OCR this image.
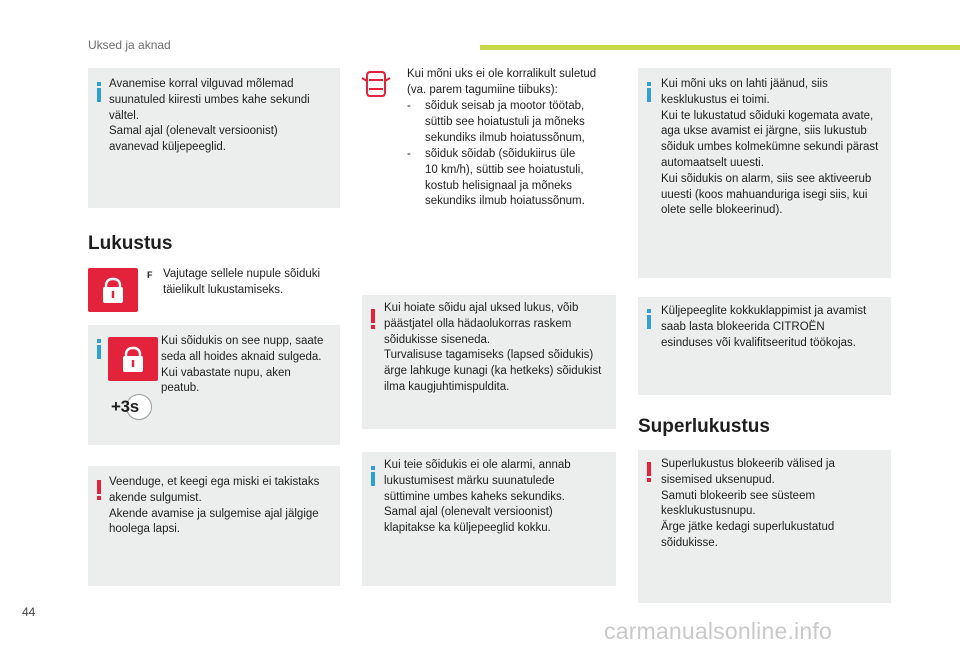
Uksed ja aknad
Avanemise korral vilguvad mõlemad
suunatuled kiiresti umbes kahe sekundi
vältel.
Samal ajal (olenevalt versioonist)
avanevad küljepeeglid.
Lukustus
F Vajutage sellele nupule sõiduki
täielikult lukustamiseks.
+3s
Kui sõidukis on see nupp, saate
seda all hoides aknaid sulgeda.
Kui vabastate nupu, aken
peatub.
Veenduge, et keegi ega miski ei takistaks
akende sulgumist.
Akende avamise ja sulgemise ajal jälgige
hoolega lapsi.
Kui mõni uks ei ole korralikult suletud
(va. parem tagumiine tiibuks):
- sõiduk seisab ja mootor töötab,
süttib see hoiatustuli ja mõneks
sekundiks ilmub hoiatussõnum,
- sõiduk sõidab (sõidukiirus üle
10 km/h), süttib see hoiatustuli,
kostub helisignaal ja mõneks
sekundiks ilmub hoiatussõnum.
Kui hoiate sõidu ajal uksed lukus, võib
päästjatel olla hädaolukorras raskem
sõidukisse siseneda.
Turvalisuse tagamiseks (lapsed sõidukis)
ärge lahkuge kunagi (ka hetkeks) sõidukist
ilma kaugjuhtimispuldita.
Kui teie sõidukis ei ole alarmi, annab
lukustumisest märku suunatulede
süttimine umbes kaheks sekundiks.
Samal ajal (olenevalt versioonist)
klapitakse ka küljepeeglid kokku.
Kui mõni uks on lahti jäänud, siis
kesklukustus ei toimi.
Kui te lukustatud sõiduki kogemata avate,
aga ukse avamist ei järgne, siis lukustub
sõiduk umbes kolmekümne sekundi pärast
automaatselt uuesti.
Kui sõidukis on alarm, siis see aktiveerub
uuesti (koos mahuanduriga isegi siis, kui
olete selle blokeerinud).
Küljepeeglite kokkuklappimist ja avamist
saab lasta blokeerida CITROËN
esinduses või kvalifitseeritud töökojas.
Superlukustus
Superlukustus blokeerib välised ja
sisemised uksenupud.
Samuti blokeerib see süsteem
kesklukustusnupu.
Ärge jätke kedagi superlukustatud
sõidukisse.
44
carmanualsonline.info
